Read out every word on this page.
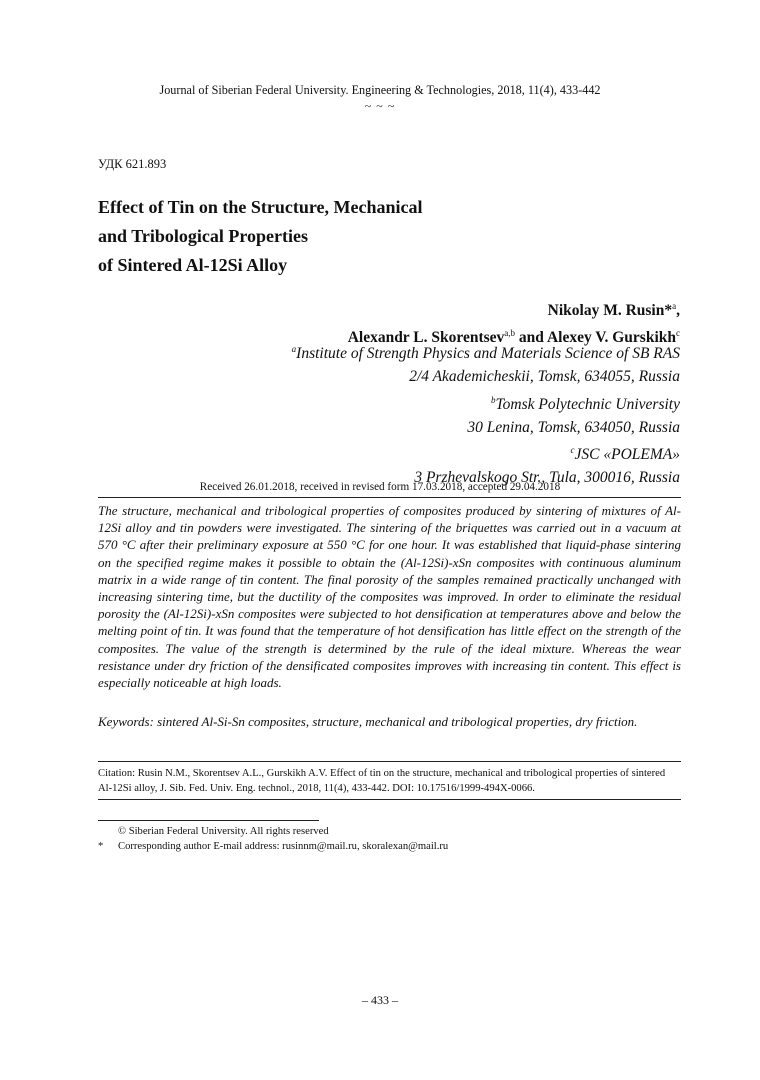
Journal of Siberian Federal University. Engineering & Technologies, 2018, 11(4), 433-442
~ ~ ~
УДК 621.893
Effect of Tin on the Structure, Mechanical
and Tribological Properties
of Sintered Al-12Si Alloy
Nikolay M. Rusin*$^a$,
Alexandr L. Skorentsev$^{a,b}$ and Alexey V. Gurskikh$^c$
$^a$Institute of Strength Physics and Materials Science of SB RAS
2/4 Akademicheskii, Tomsk, 634055, Russia
$^b$Tomsk Polytechnic University
30 Lenina, Tomsk, 634050, Russia
$^c$JSC «POLEMA»
3 Przhevalskogo Str., Tula, 300016, Russia
Received 26.01.2018, received in revised form 17.03.2018, accepted 29.04.2018
The structure, mechanical and tribological properties of composites produced by sintering of mixtures of Al-12Si alloy and tin powders were investigated. The sintering of the briquettes was carried out in a vacuum at 570 °C after their preliminary exposure at 550 °C for one hour. It was established that liquid-phase sintering on the specified regime makes it possible to obtain the (Al-12Si)-xSn composites with continuous aluminum matrix in a wide range of tin content. The final porosity of the samples remained practically unchanged with increasing sintering time, but the ductility of the composites was improved. In order to eliminate the residual porosity the (Al-12Si)-xSn composites were subjected to hot densification at temperatures above and below the melting point of tin. It was found that the temperature of hot densification has little effect on the strength of the composites. The value of the strength is determined by the rule of the ideal mixture. Whereas the wear resistance under dry friction of the densificated composites improves with increasing tin content. This effect is especially noticeable at high loads.
Keywords: sintered Al-Si-Sn composites, structure, mechanical and tribological properties, dry friction.
Citation: Rusin N.M., Skorentsev A.L., Gurskikh A.V. Effect of tin on the structure, mechanical and tribological properties of sintered Al-12Si alloy, J. Sib. Fed. Univ. Eng. technol., 2018, 11(4), 433-442. DOI: 10.17516/1999-494X-0066.
© Siberian Federal University. All rights reserved
* Corresponding author E-mail address: rusinnm@mail.ru, skoralexan@mail.ru
– 433 –
